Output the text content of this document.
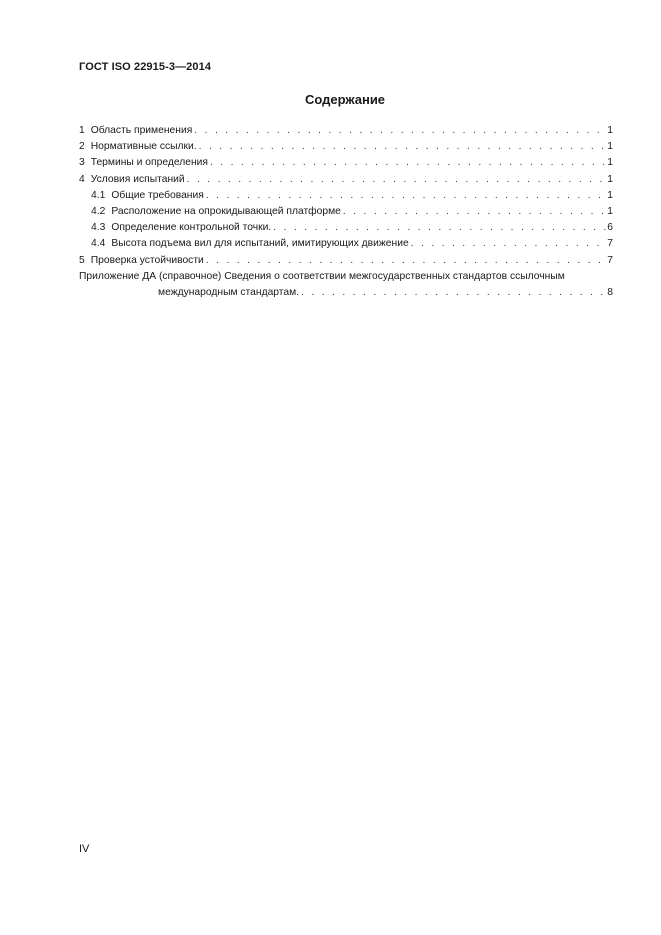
ГОСТ ISO 22915-3—2014
Содержание
1 Область применения . . .	1
2 Нормативные ссылки. . . .	1
3 Термины и определения . . .	1
4 Условия испытаний . . .	1
4.1 Общие требования . . .	1
4.2 Расположение на опрокидывающей платформе . . .	1
4.3 Определение контрольной точки. . . .	6
4.4 Высота подъема вил для испытаний, имитирующих движение . . .	7
5 Проверка устойчивости . . .	7
Приложение ДА (справочное) Сведения о соответствии межгосударственных стандартов ссылочным
международным стандартам. . . .	8
IV
